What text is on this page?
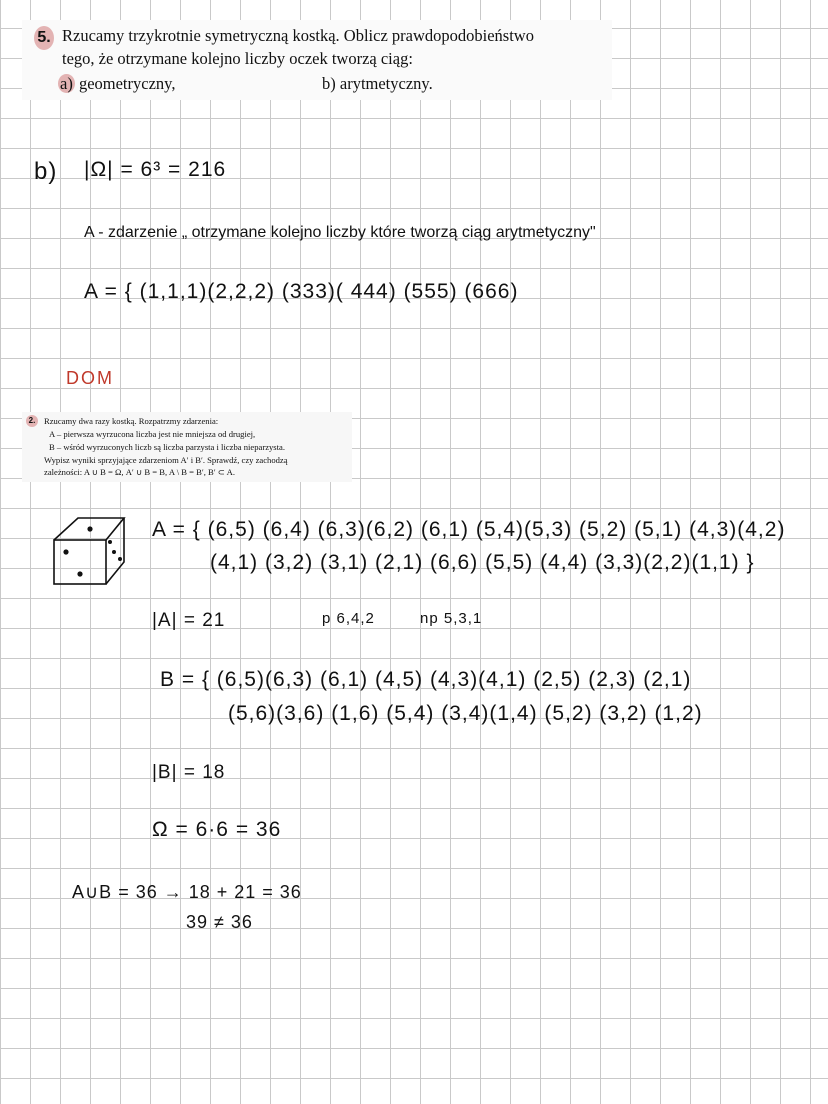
5. Rzucamy trzykrotnie symetryczną kostką. Oblicz prawdopodobieństwo
tego, że otrzymane kolejno liczby oczek tworzą ciąg:
a) geometryczny,	b) arytmetyczny.
b) |Ω| = 6³ = 216
A - zdarzenie „ otrzymane kolejno liczby które tworzą ciąg arytmetyczny"
A = { (1,1,1)(2,2,2) (333)( 444) (555) (666)
DOM
2.	Rzucamy dwa razy kostką. Rozpatrzmy zdarzenia:
A – pierwsza wyrzucona liczba jest nie mniejsza od drugiej,
B – wśród wyrzuconych liczb są liczba parzysta i liczba nieparzysta.
Wypisz wyniki sprzyjające zdarzeniom A′ i B′. Sprawdź, czy zachodzą
zależności: A ∪ B = Ω, A′ ∪ B = B, A \ B = B′, B′ ⊂ A.
A = { (6,5) (6,4) (6,3)(6,2) (6,1) (5,4)(5,3) (5,2) (5,1) (4,3)(4,2)
(4,1) (3,2) (3,1) (2,1) (6,6) (5,5) (4,4) (3,3)(2,2)(1,1) }
|A| = 21	p 6,4,2	np 5,3,1
B = { (6,5)(6,3) (6,1) (4,5) (4,3)(4,1) (2,5) (2,3) (2,1)
(5,6)(3,6) (1,6) (5,4) (3,4)(1,4) (5,2) (3,2) (1,2)
|B| = 18
Ω = 6·6 = 36
A∪B = 36 → 18 + 21 = 36
39 ≠ 36
